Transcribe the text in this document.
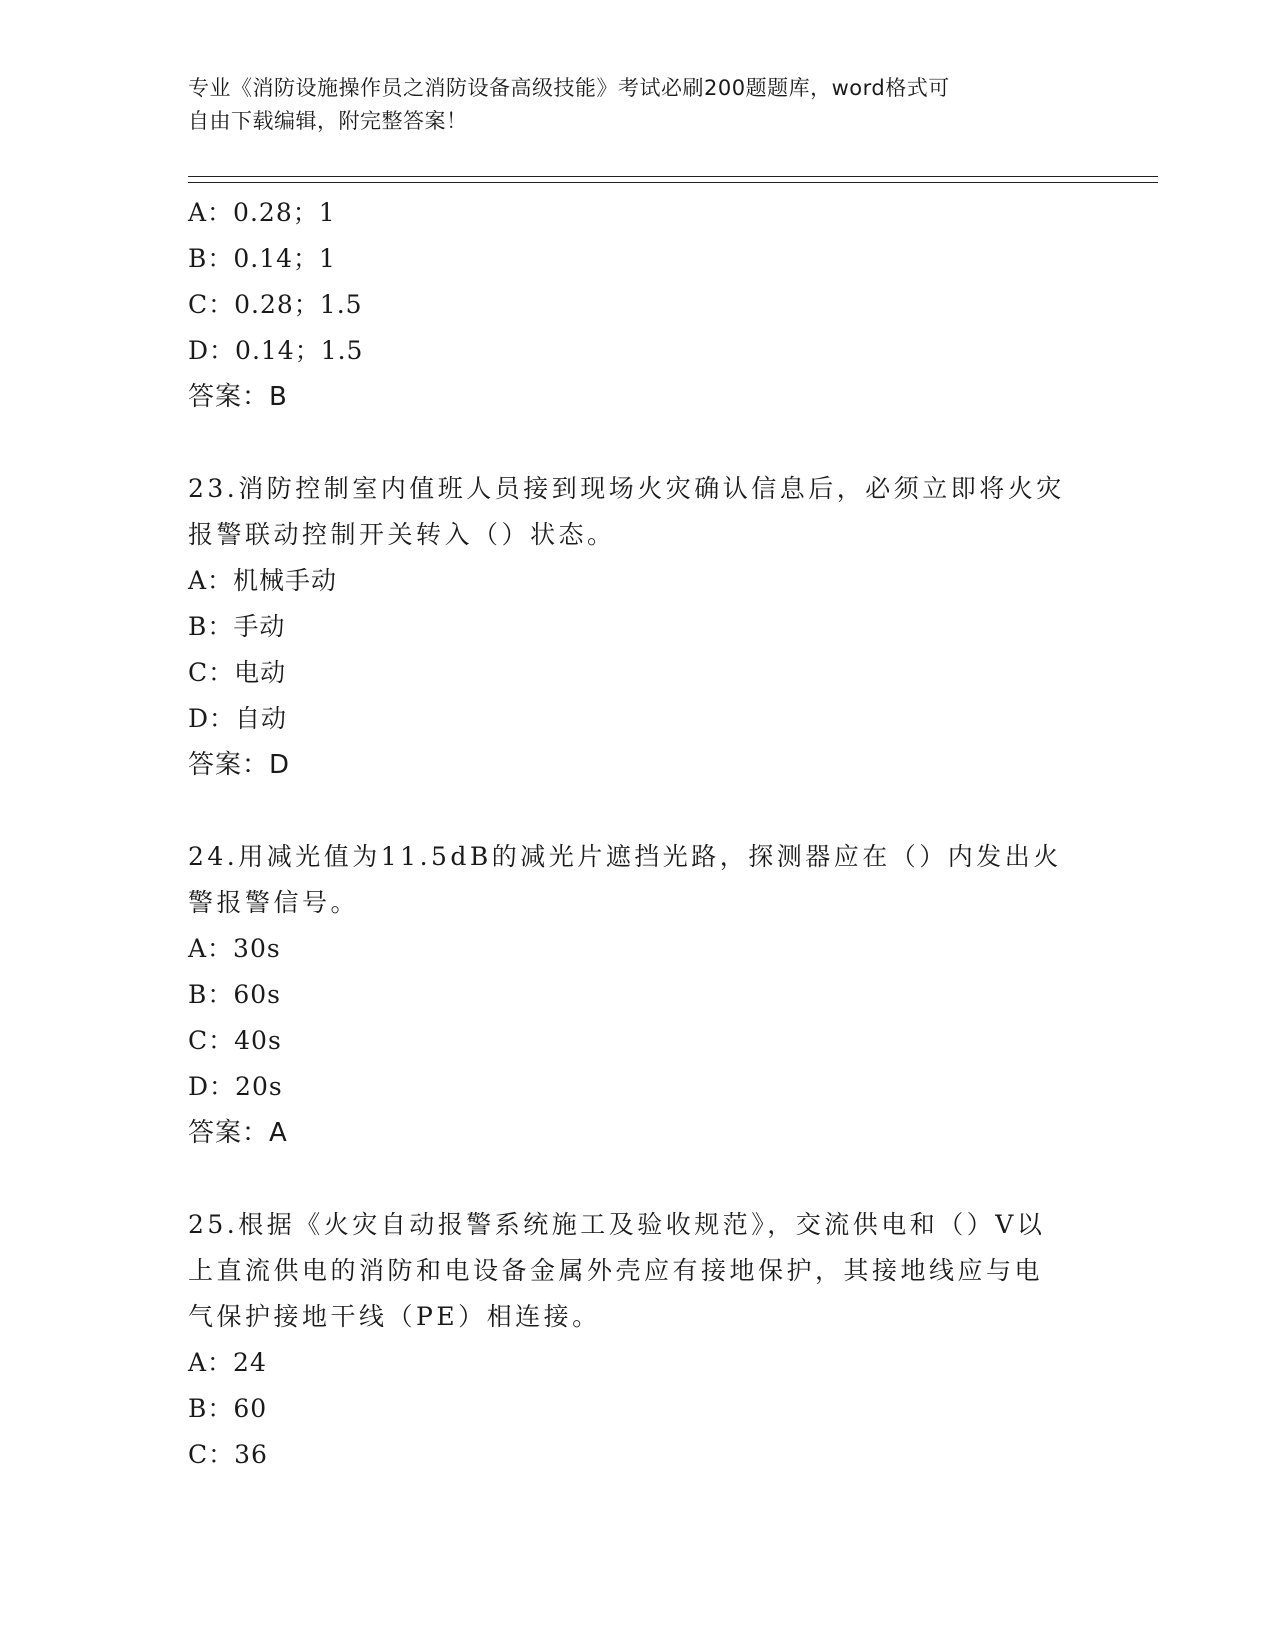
专业《消防设施操作员之消防设备高级技能》考试必刷200题题库，word格式可
自由下载编辑，附完整答案！
A：0.28；1
B：0.14；1
C：0.28；1.5
D：0.14；1.5
答案：B
23.消防控制室内值班人员接到现场火灾确认信息后，必须立即将火灾
报警联动控制开关转入（）状态。
A：机械手动
B：手动
C：电动
D：自动
答案：D
24.用减光值为11.5dB的减光片遮挡光路，探测器应在（）内发出火
警报警信号。
A：30s
B：60s
C：40s
D：20s
答案：A
25.根据《火灾自动报警系统施工及验收规范》，交流供电和（）V以
上直流供电的消防和电设备金属外壳应有接地保护，其接地线应与电
气保护接地干线（PE）相连接。
A：24
B：60
C：36
